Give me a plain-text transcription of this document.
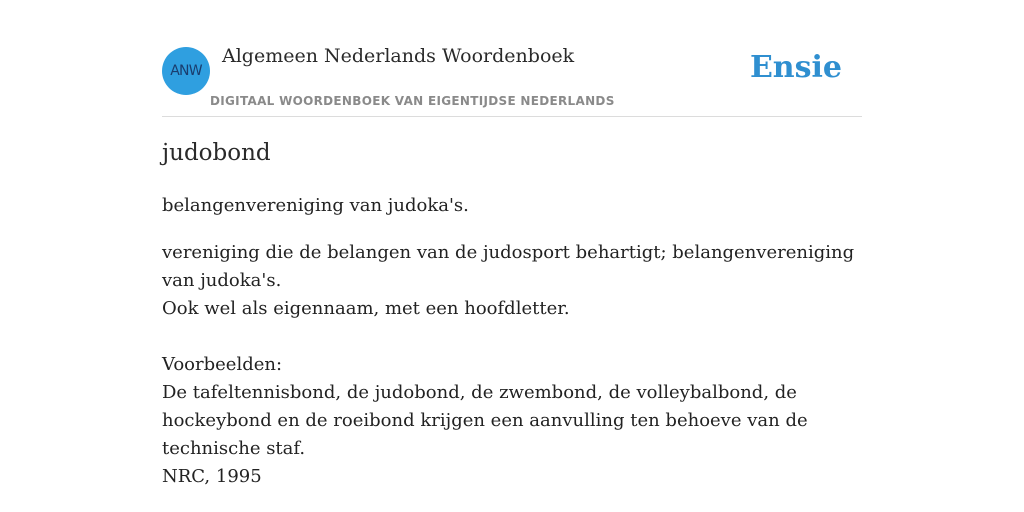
ANW
Algemeen Nederlands Woordenboek
DIGITAAL WOORDENBOEK VAN EIGENTIJDSE NEDERLANDS
Ensie
judobond

belangenvereniging van judoka's.

vereniging die de belangen van de judosport behartigt; belangenvereniging van judoka's.

Ook wel als eigennaam, met een hoofdletter.

Voorbeelden:

De tafeltennisbond, de judobond, de zwembond, de volleybalbond, de hockeybond en de roeibond krijgen een aanvulling ten behoeve van de technische staf.

NRC, 1995
